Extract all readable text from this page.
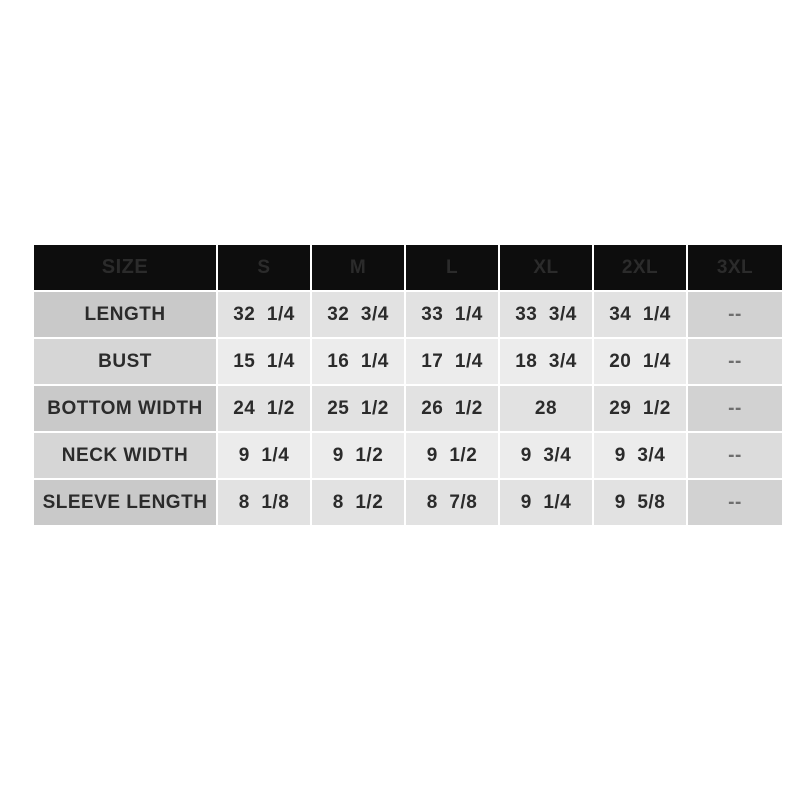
SIZE	S	M	L	XL	2XL	3XL
LENGTH	32  1/4	32  3/4	33  1/4	33  3/4	34  1/4	--
BUST	15  1/4	16  1/4	17  1/4	18  3/4	20  1/4	--
BOTTOM WIDTH	24  1/2	25  1/2	26  1/2	28	29  1/2	--
NECK WIDTH	9  1/4	9  1/2	9  1/2	9  3/4	9  3/4	--
SLEEVE LENGTH	8  1/8	8  1/2	8  7/8	9  1/4	9  5/8	--
